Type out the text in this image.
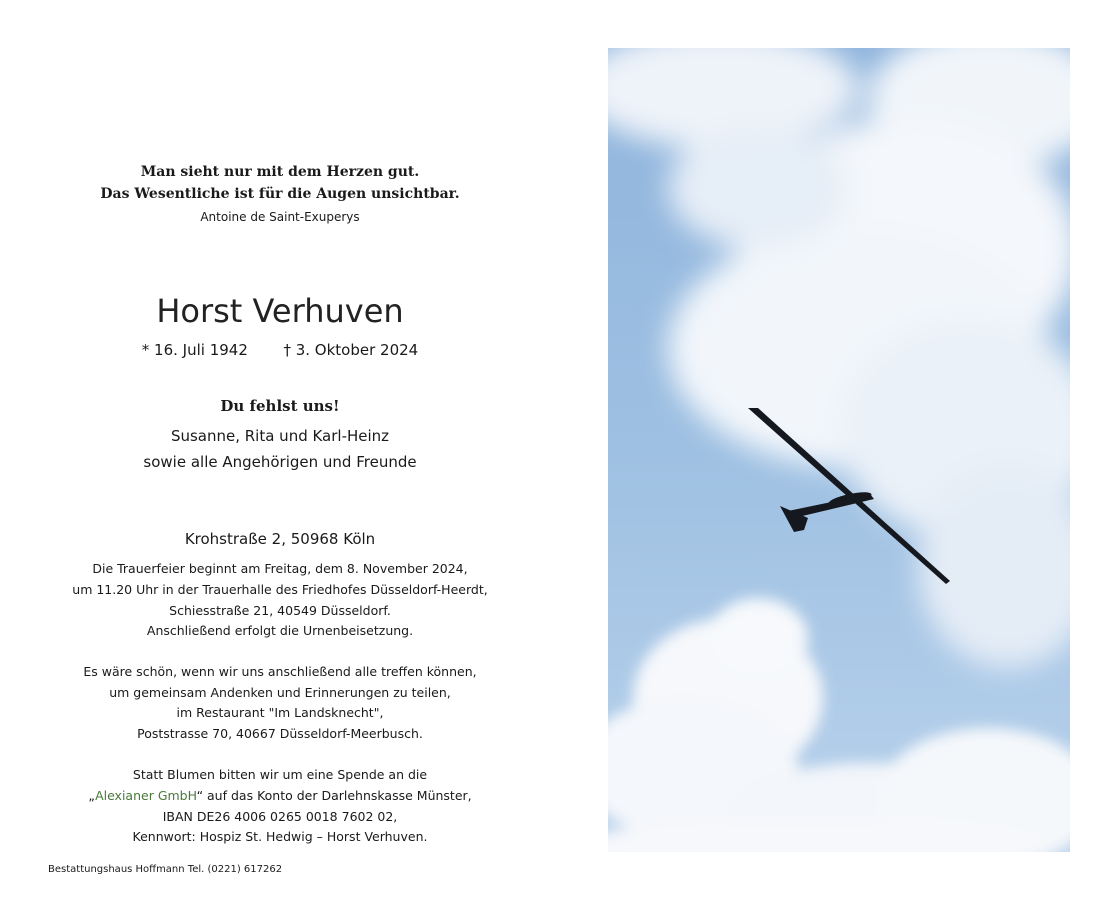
Man sieht nur mit dem Herzen gut.
Das Wesentliche ist für die Augen unsichtbar.
Antoine de Saint-Exuperys
Horst Verhuven
* 16. Juli 1942 † 3. Oktober 2024
Du fehlst uns!
Susanne, Rita und Karl-Heinz
sowie alle Angehörigen und Freunde
Krohstraße 2, 50968 Köln
Die Trauerfeier beginnt am Freitag, dem 8. November 2024,
um 11.20 Uhr in der Trauerhalle des Friedhofes Düsseldorf-Heerdt,
Schiesstraße 21, 40549 Düsseldorf.
Anschließend erfolgt die Urnenbeisetzung.
Es wäre schön, wenn wir uns anschließend alle treffen können,
um gemeinsam Andenken und Erinnerungen zu teilen,
im Restaurant "Im Landsknecht",
Poststrasse 70, 40667 Düsseldorf-Meerbusch.
Statt Blumen bitten wir um eine Spende an die
„Alexianer GmbH“ auf das Konto der Darlehnskasse Münster,
IBAN DE26 4006 0265 0018 7602 02,
Kennwort: Hospiz St. Hedwig – Horst Verhuven.
Bestattungshaus Hoffmann Tel. (0221) 617262
